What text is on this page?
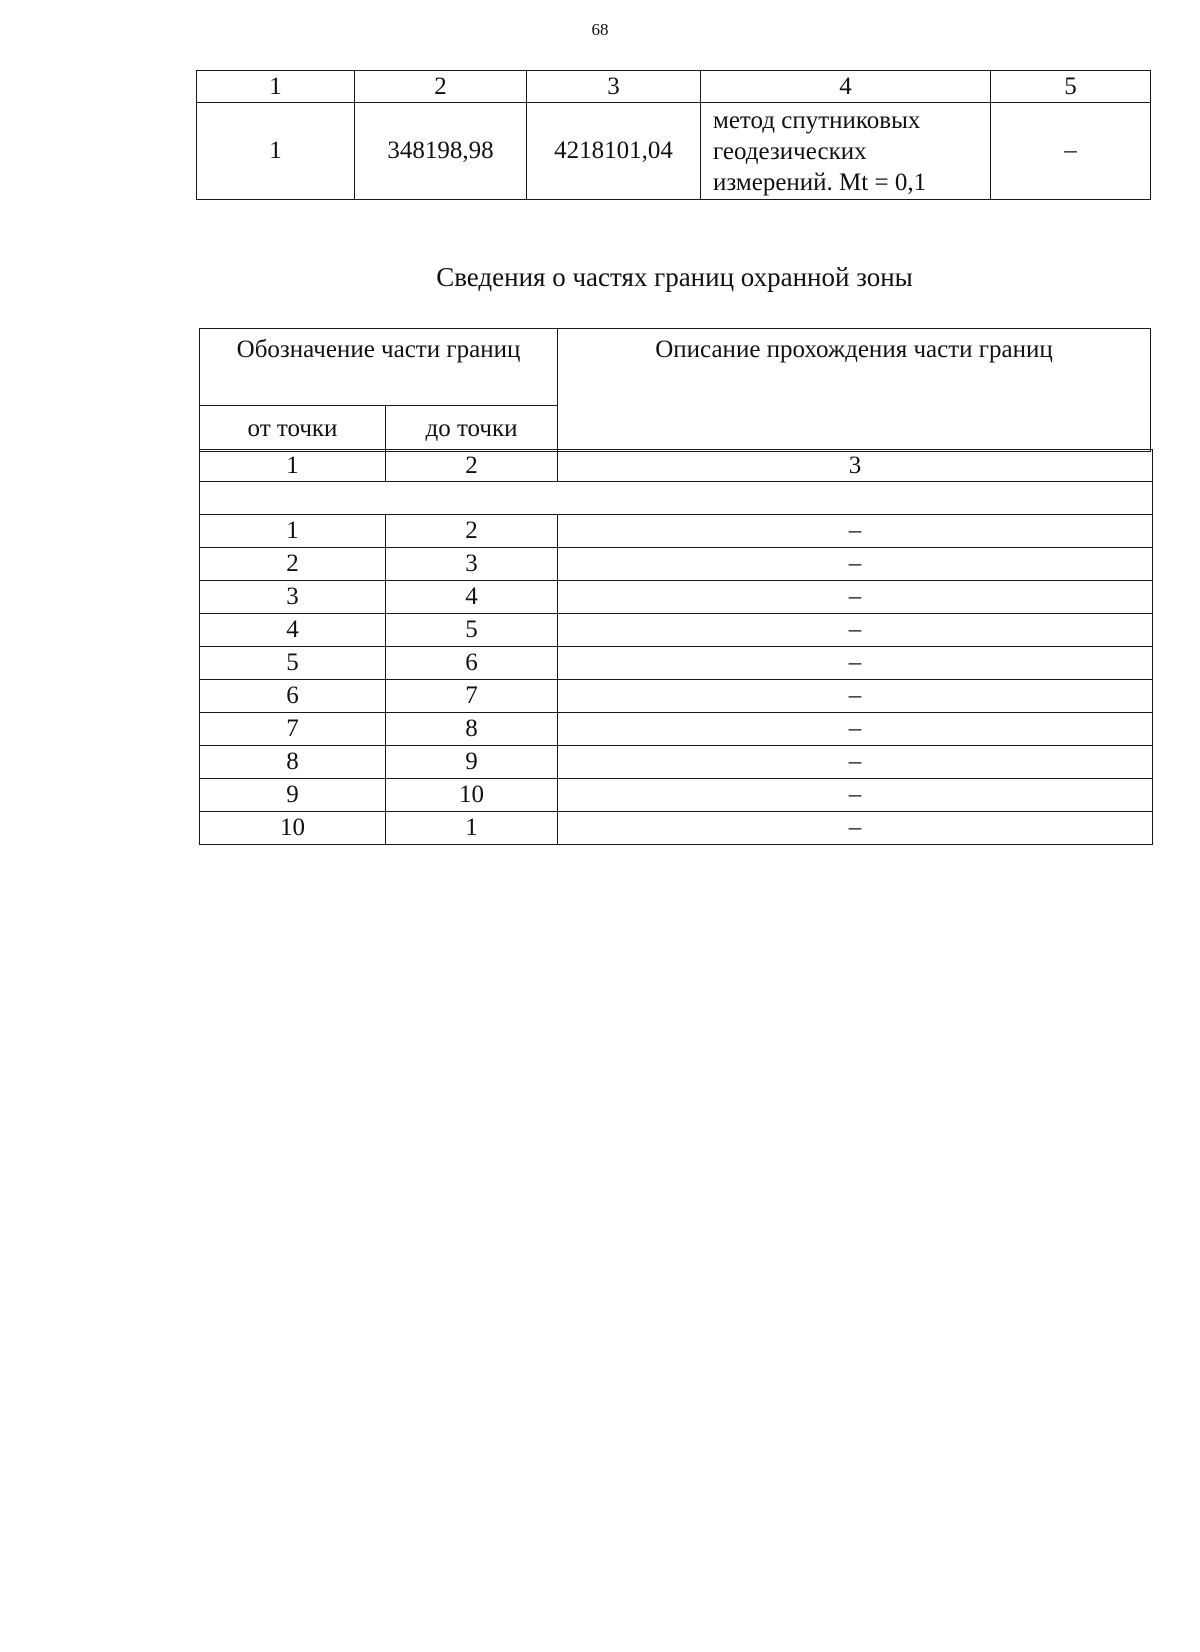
68
1	2	3	4	5
1	348198,98	4218101,04	метод спутниковых
геодезических
измерений. Mt = 0,1	–
Сведения о частях границ охранной зоны
Обозначение части границ		Описание прохождения части границ
от точки	до точки	
1	2	3

1	2	–
2	3	–
3	4	–
4	5	–
5	6	–
6	7	–
7	8	–
8	9	–
9	10	–
10	1	–
